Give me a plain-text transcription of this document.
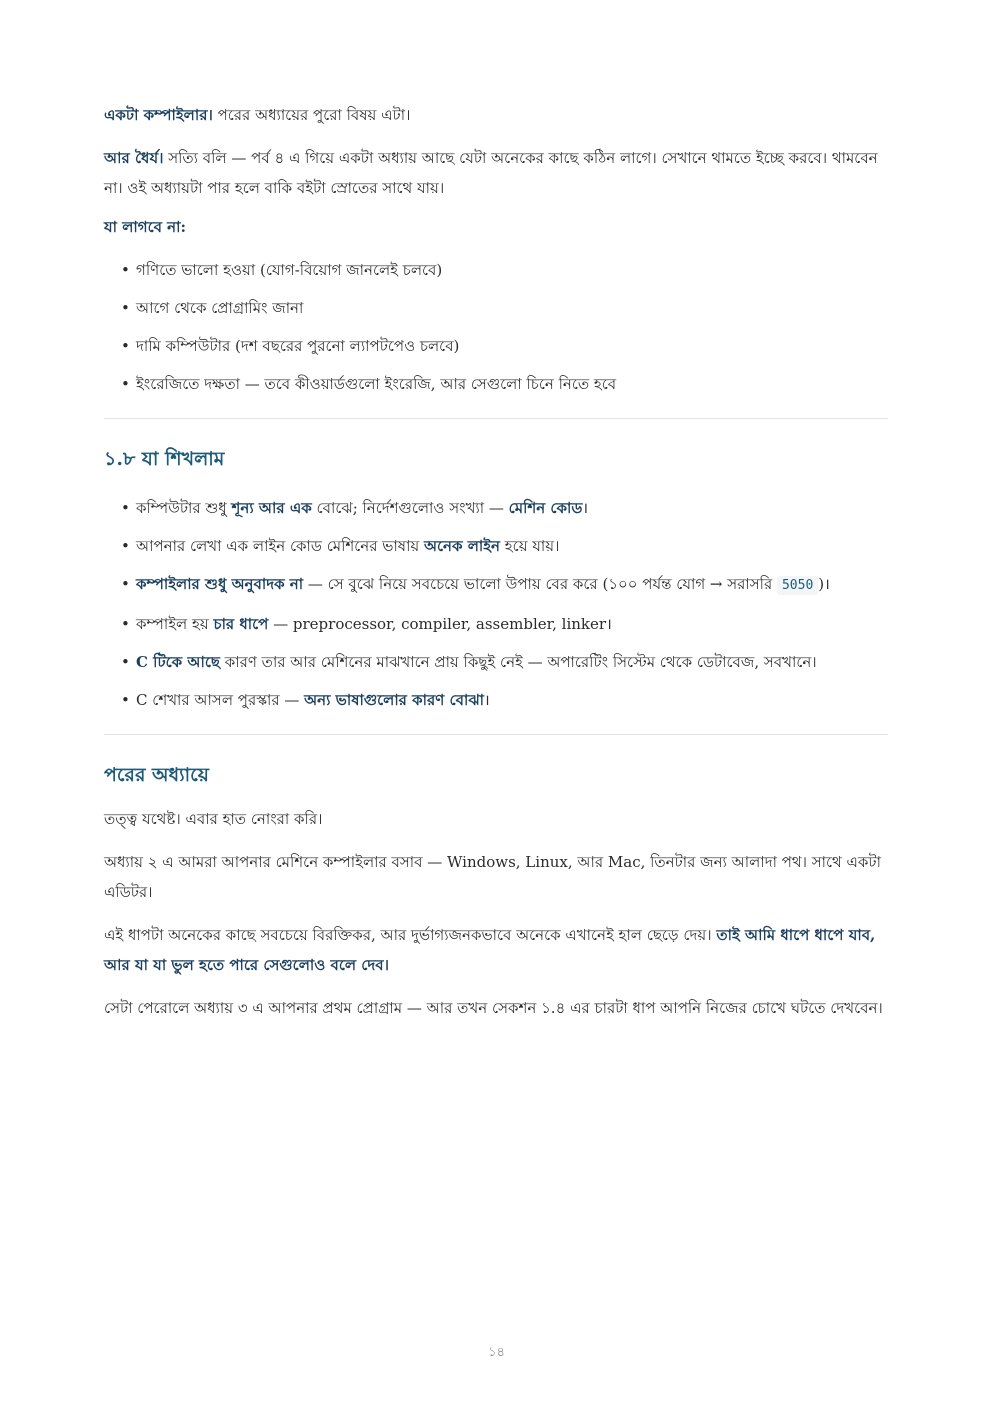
একটা কম্পাইলার। পরের অধ্যায়ের পুরো বিষয় এটা।

আর ধৈর্য। সত্যি বলি — পর্ব ৪ এ গিয়ে একটা অধ্যায় আছে যেটা অনেকের কাছে কঠিন লাগে। সেখানে থামতে ইচ্ছে করবে। থামবেন না। ওই অধ্যায়টা পার হলে বাকি বইটা স্রোতের সাথে যায়।

যা লাগবে না:
• গণিতে ভালো হওয়া (যোগ-বিয়োগ জানলেই চলবে)
• আগে থেকে প্রোগ্রামিং জানা
• দামি কম্পিউটার (দশ বছরের পুরনো ল্যাপটপেও চলবে)
• ইংরেজিতে দক্ষতা — তবে কীওয়ার্ডগুলো ইংরেজি, আর সেগুলো চিনে নিতে হবে
১.৮ যা শিখলাম
• কম্পিউটার শুধু শূন্য আর এক বোঝে; নির্দেশগুলোও সংখ্যা — মেশিন কোড।
• আপনার লেখা এক লাইন কোড মেশিনের ভাষায় অনেক লাইন হয়ে যায়।
• কম্পাইলার শুধু অনুবাদক না — সে বুঝে নিয়ে সবচেয়ে ভালো উপায় বের করে (১০০ পর্যন্ত যোগ → সরাসরি 5050 )।
• কম্পাইল হয় চার ধাপে — preprocessor, compiler, assembler, linker।
• C টিকে আছে কারণ তার আর মেশিনের মাঝখানে প্রায় কিছুই নেই — অপারেটিং সিস্টেম থেকে ডেটাবেজ, সবখানে।
• C শেখার আসল পুরস্কার — অন্য ভাষাগুলোর কারণ বোঝা।
পরের অধ্যায়ে

তত্ত্ব যথেষ্ট। এবার হাত নোংরা করি।

অধ্যায় ২ এ আমরা আপনার মেশিনে কম্পাইলার বসাব — Windows, Linux, আর Mac, তিনটার জন্য আলাদা পথ। সাথে একটা এডিটর।

এই ধাপটা অনেকের কাছে সবচেয়ে বিরক্তিকর, আর দুর্ভাগ্যজনকভাবে অনেকে এখানেই হাল ছেড়ে দেয়। তাই আমি ধাপে ধাপে যাব, আর যা যা ভুল হতে পারে সেগুলোও বলে দেব।

সেটা পেরোলে অধ্যায় ৩ এ আপনার প্রথম প্রোগ্রাম — আর তখন সেকশন ১.৪ এর চারটা ধাপ আপনি নিজের চোখে ঘটতে দেখবেন।

১৪
